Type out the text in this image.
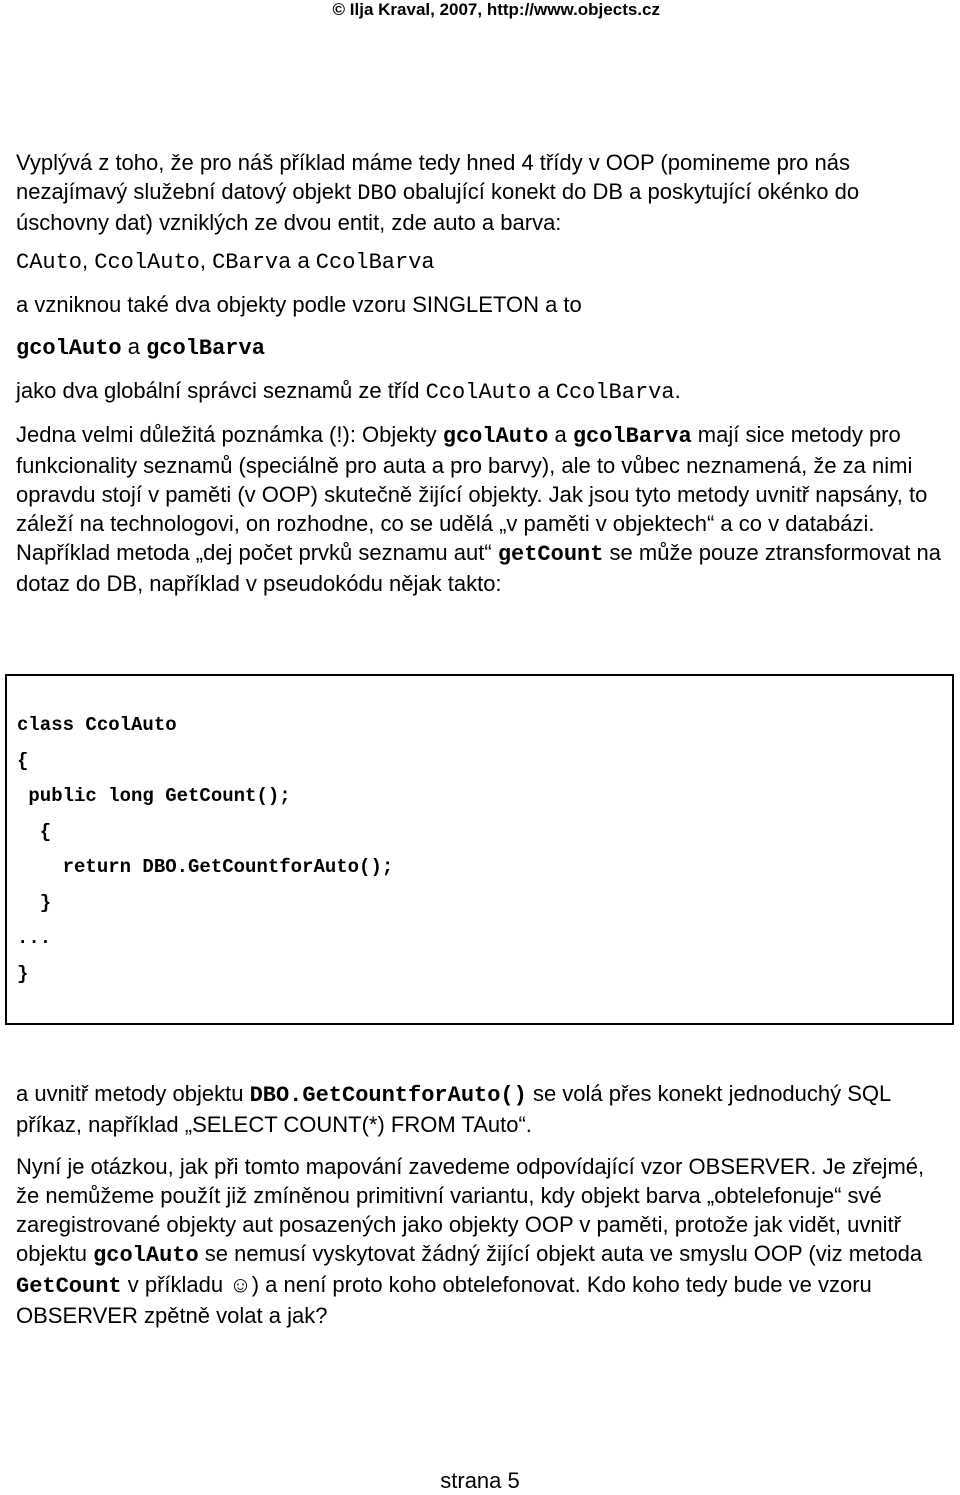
© Ilja Kraval, 2007, http://www.objects.cz

Vyplývá z toho, že pro náš příklad máme tedy hned 4 třídy v OOP (pomineme pro nás nezajímavý služební datový objekt DBO obalující konekt do DB a poskytující okénko do úschovny dat) vzniklých ze dvou entit, zde auto a barva:

CAuto, CcolAuto, CBarva a CcolBarva

a vzniknou také dva objekty podle vzoru SINGLETON a to

gcolAuto a gcolBarva

jako dva globální správci seznamů ze tříd CcolAuto a CcolBarva.

Jedna velmi důležitá poznámka (!): Objekty gcolAuto a gcolBarva mají sice metody pro funkcionality seznamů (speciálně pro auta a pro barvy), ale to vůbec neznamená, že za nimi opravdu stojí v paměti (v OOP) skutečně žijící objekty. Jak jsou tyto metody uvnitř napsány, to záleží na technologovi, on rozhodne, co se udělá „v paměti v objektech“ a co v databázi. Například metoda „dej počet prvků seznamu aut“ getCount se může pouze ztransformovat na dotaz do DB, například v pseudokódu nějak takto:

class CcolAuto
{
public long GetCount();
{
return DBO.GetCountforAuto();
}
...
}

a uvnitř metody objektu DBO.GetCountforAuto() se volá přes konekt jednoduchý SQL příkaz, například „SELECT COUNT(*) FROM TAuto“.

Nyní je otázkou, jak při tomto mapování zavedeme odpovídající vzor OBSERVER. Je zřejmé, že nemůžeme použít již zmíněnou primitivní variantu, kdy objekt barva „obtelefonuje“ své zaregistrované objekty aut posazených jako objekty OOP v paměti, protože jak vidět, uvnitř objektu gcolAuto se nemusí vyskytovat žádný žijící objekt auta ve smyslu OOP (viz metoda GetCount v příkladu ☺) a není proto koho obtelefonovat. Kdo koho tedy bude ve vzoru OBSERVER zpětně volat a jak?

strana 5
